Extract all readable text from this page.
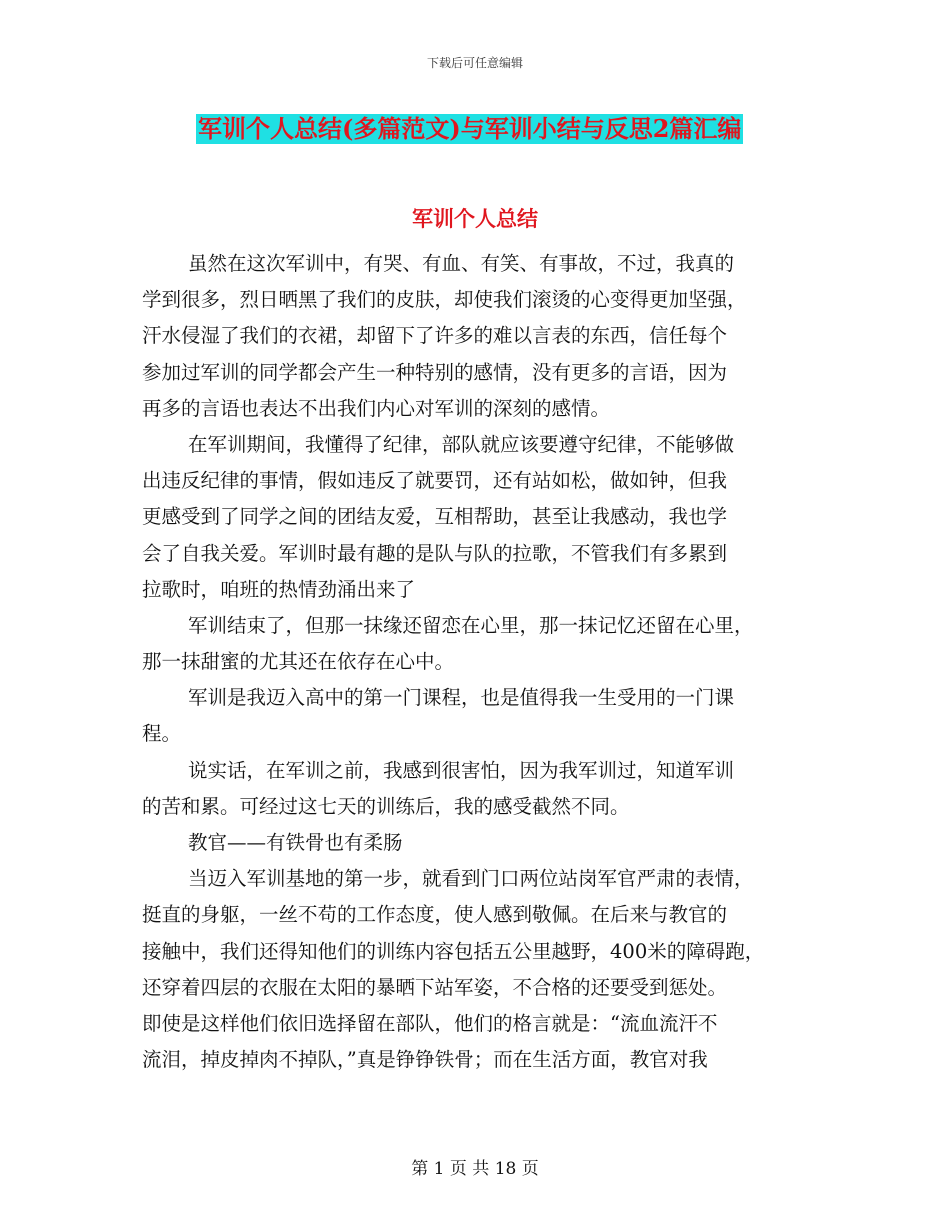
下载后可任意编辑
军训个人总结(多篇范文)与军训小结与反思2篇汇编
军训个人总结
虽然在这次军训中，有哭、有血、有笑、有事故，不过，我真的
学到很多，烈日晒黑了我们的皮肤，却使我们滚烫的心变得更加坚强，
汗水侵湿了我们的衣裙，却留下了许多的难以言表的东西，信任每个
参加过军训的同学都会产生一种特别的感情，没有更多的言语，因为
再多的言语也表达不出我们内心对军训的深刻的感情。
在军训期间，我懂得了纪律，部队就应该要遵守纪律，不能够做
出违反纪律的事情，假如违反了就要罚，还有站如松，做如钟，但我
更感受到了同学之间的团结友爱，互相帮助，甚至让我感动，我也学
会了自我关爱。军训时最有趣的是队与队的拉歌，不管我们有多累到
拉歌时，咱班的热情劲涌出来了
军训结束了，但那一抹缘还留恋在心里，那一抹记忆还留在心里，
那一抹甜蜜的尤其还在依存在心中。
军训是我迈入高中的第一门课程，也是值得我一生受用的一门课
程。
说实话，在军训之前，我感到很害怕，因为我军训过，知道军训
的苦和累。可经过这七天的训练后，我的感受截然不同。
教官——有铁骨也有柔肠
当迈入军训基地的第一步，就看到门口两位站岗军官严肃的表情，
挺直的身躯，一丝不苟的工作态度，使人感到敬佩。在后来与教官的
接触中，我们还得知他们的训练内容包括五公里越野，400米的障碍跑，
还穿着四层的衣服在太阳的暴晒下站军姿，不合格的还要受到惩处。
即使是这样他们依旧选择留在部队，他们的格言就是：“流血流汗不
流泪，掉皮掉肉不掉队，”真是铮铮铁骨；而在生活方面，教官对我
第 1 页 共 18 页
